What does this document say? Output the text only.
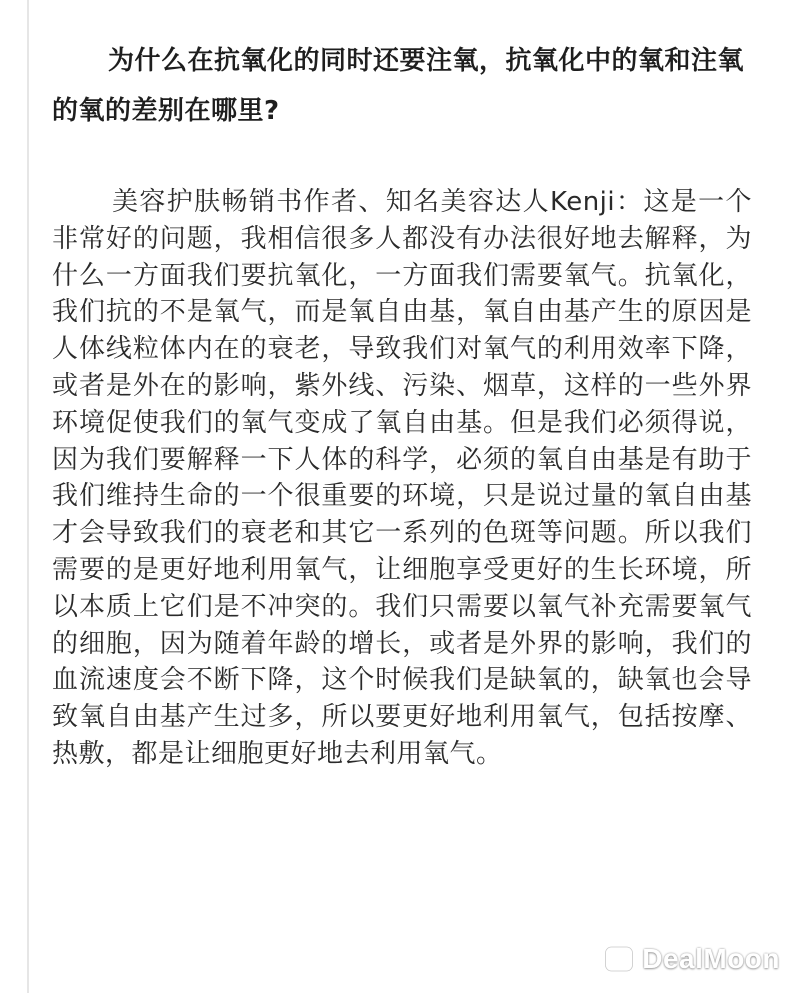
为什么在抗氧化的同时还要注氧，抗氧化中的氧和注氧的氧的差别在哪里?

美容护肤畅销书作者、知名美容达人Kenji：这是一个非常好的问题，我相信很多人都没有办法很好地去解释，为什么一方面我们要抗氧化，一方面我们需要氧气。抗氧化，我们抗的不是氧气，而是氧自由基，氧自由基产生的原因是人体线粒体内在的衰老，导致我们对氧气的利用效率下降，或者是外在的影响，紫外线、污染、烟草，这样的一些外界环境促使我们的氧气变成了氧自由基。但是我们必须得说，因为我们要解释一下人体的科学，必须的氧自由基是有助于我们维持生命的一个很重要的环境，只是说过量的氧自由基才会导致我们的衰老和其它一系列的色斑等问题。所以我们需要的是更好地利用氧气，让细胞享受更好的生长环境，所以本质上它们是不冲突的。我们只需要以氧气补充需要氧气的细胞，因为随着年龄的增长，或者是外界的影响，我们的血流速度会不断下降，这个时候我们是缺氧的，缺氧也会导致氧自由基产生过多，所以要更好地利用氧气，包括按摩、热敷，都是让细胞更好地去利用氧气。

DealMoon
